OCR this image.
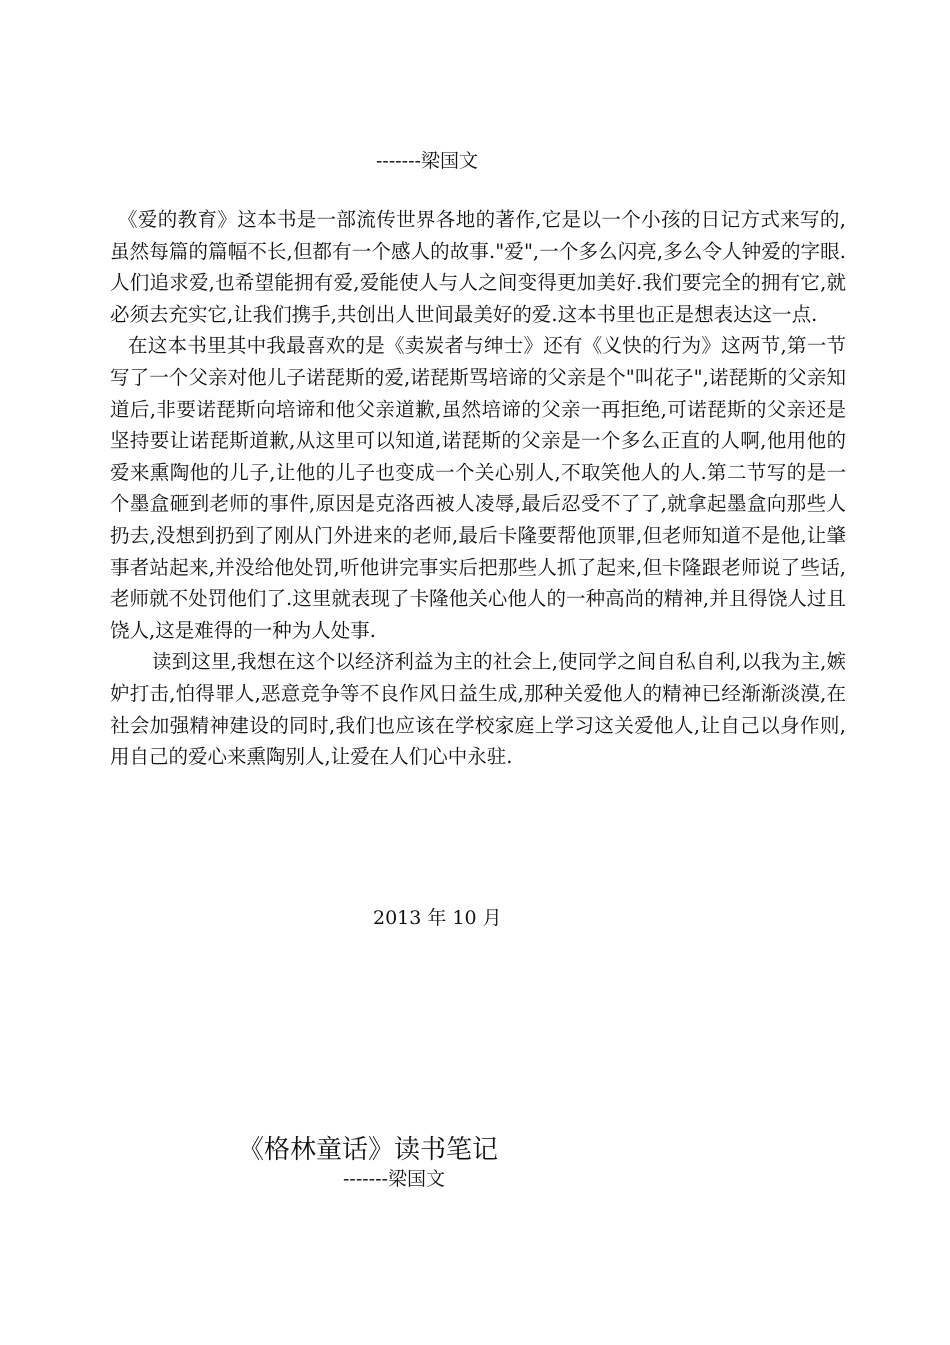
-------梁国文

《爱的教育》这本书是一部流传世界各地的著作,它是以一个小孩的日记方式来写的,虽然每篇的篇幅不长,但都有一个感人的故事."爱",一个多么闪亮,多么令人钟爱的字眼.人们追求爱,也希望能拥有爱,爱能使人与人之间变得更加美好.我们要完全的拥有它,就必须去充实它,让我们携手,共创出人世间最美好的爱.这本书里也正是想表达这一点.

在这本书里其中我最喜欢的是《卖炭者与绅士》还有《义快的行为》这两节,第一节写了一个父亲对他儿子诺琵斯的爱,诺琵斯骂培谛的父亲是个"叫花子",诺琵斯的父亲知道后,非要诺琵斯向培谛和他父亲道歉,虽然培谛的父亲一再拒绝,可诺琵斯的父亲还是坚持要让诺琵斯道歉,从这里可以知道,诺琵斯的父亲是一个多么正直的人啊,他用他的爱来熏陶他的儿子,让他的儿子也变成一个关心别人,不取笑他人的人.第二节写的是一个墨盒砸到老师的事件,原因是克洛西被人凌辱,最后忍受不了了,就拿起墨盒向那些人扔去,没想到扔到了刚从门外进来的老师,最后卡隆要帮他顶罪,但老师知道不是他,让肇事者站起来,并没给他处罚,听他讲完事实后把那些人抓了起来,但卡隆跟老师说了些话,老师就不处罚他们了.这里就表现了卡隆他关心他人的一种高尚的精神,并且得饶人过且饶人,这是难得的一种为人处事.

读到这里,我想在这个以经济利益为主的社会上,使同学之间自私自利,以我为主,嫉妒打击,怕得罪人,恶意竞争等不良作风日益生成,那种关爱他人的精神已经渐渐淡漠,在社会加强精神建设的同时,我们也应该在学校家庭上学习这关爱他人,让自己以身作则,用自己的爱心来熏陶别人,让爱在人们心中永驻.

2013 年 10 月
《格林童话》读书笔记
-------梁国文
